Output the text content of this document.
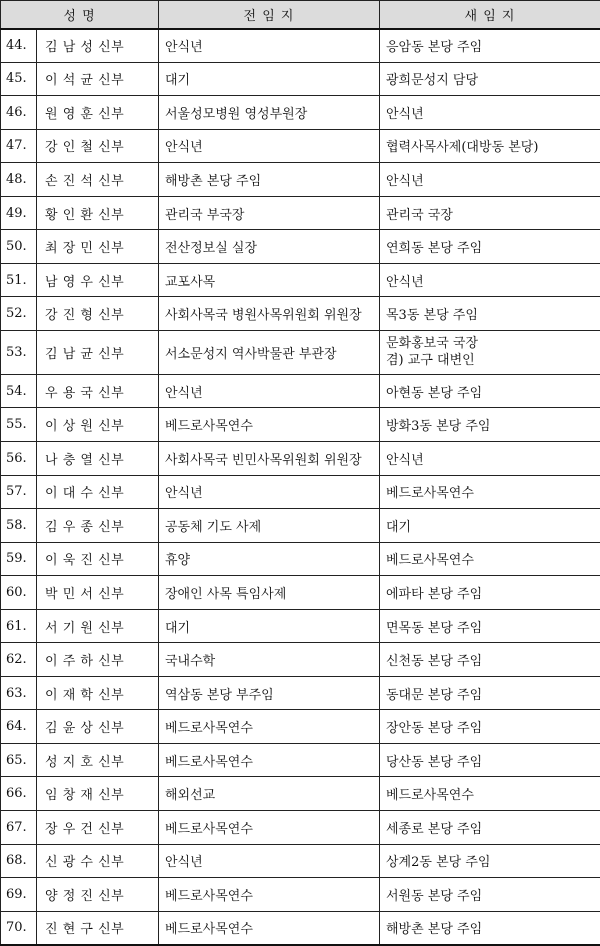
성 명		전 임 지	새 임 지
44.	김 남 성 신부	안식년	응암동 본당 주임
45.	이 석 균 신부	대기	광희문성지 담당
46.	원 영 훈 신부	서울성모병원 영성부원장	안식년
47.	강 인 철 신부	안식년	협력사목사제(대방동 본당)
48.	손 진 석 신부	해방촌 본당 주임	안식년
49.	황 인 환 신부	관리국 부국장	관리국 국장
50.	최 장 민 신부	전산정보실 실장	연희동 본당 주임
51.	남 영 우 신부	교포사목	안식년
52.	강 진 형 신부	사회사목국 병원사목위원회 위원장	목3동 본당 주임
53.	김 남 균 신부	서소문성지 역사박물관 부관장	문화홍보국 국장
겸) 교구 대변인

54.	우 용 국 신부	안식년	아현동 본당 주임
55.	이 상 원 신부	베드로사목연수	방화3동 본당 주임
56.	나 충 열 신부	사회사목국 빈민사목위원회 위원장	안식년
57.	이 대 수 신부	안식년	베드로사목연수
58.	김 우 종 신부	공동체 기도 사제	대기
59.	이 욱 진 신부	휴양	베드로사목연수
60.	박 민 서 신부	장애인 사목 특임사제	에파타 본당 주임
61.	서 기 원 신부	대기	면목동 본당 주임
62.	이 주 하 신부	국내수학	신천동 본당 주임
63.	이 재 학 신부	역삼동 본당 부주임	동대문 본당 주임
64.	김 윤 상 신부	베드로사목연수	장안동 본당 주임
65.	성 지 호 신부	베드로사목연수	당산동 본당 주임
66.	임 창 재 신부	해외선교	베드로사목연수
67.	장 우 건 신부	베드로사목연수	세종로 본당 주임
68.	신 광 수 신부	안식년	상계2동 본당 주임
69.	양 정 진 신부	베드로사목연수	서원동 본당 주임
70.	진 현 구 신부	베드로사목연수	해방촌 본당 주임
